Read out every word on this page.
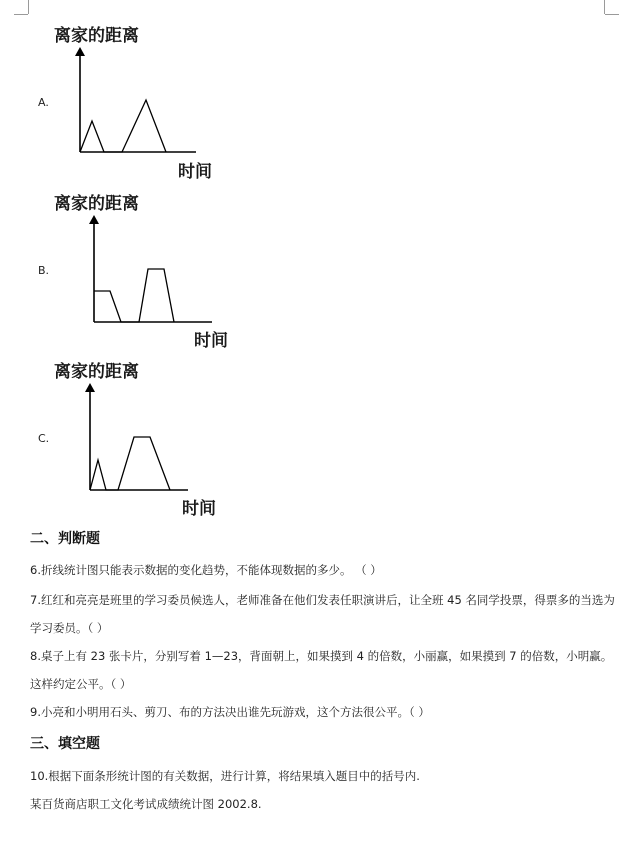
A.
离家的距离
时间
B.
离家的距离
时间
C.
离家的距离
时间
二、判断题
6.折线统计图只能表示数据的变化趋势，不能体现数据的多少。 （ ）
7.红红和亮亮是班里的学习委员候选人，老师准备在他们发表任职演讲后，让全班 45 名同学投票，得票多的当选为学习委员。（ ）
8.桌子上有 23 张卡片，分别写着 1—23，背面朝上，如果摸到 4 的倍数，小丽赢，如果摸到 7 的倍数，小明赢。这样约定公平。（ ）
9.小亮和小明用石头、剪刀、布的方法决出谁先玩游戏，这个方法很公平。（ ）
三、填空题
10.根据下面条形统计图的有关数据，进行计算，将结果填入题目中的括号内.
某百货商店职工文化考试成绩统计图 2002.8.
